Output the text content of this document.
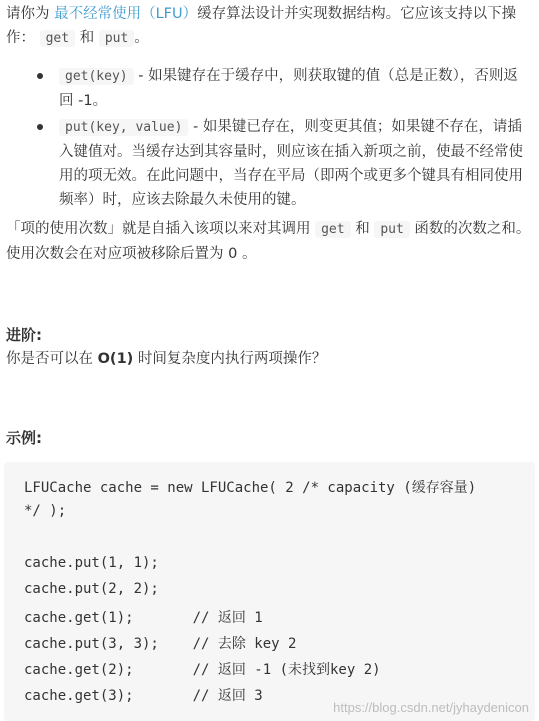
请你为 最不经常使用（LFU）缓存算法设计并实现数据结构。它应该支持以下操作： get 和 put 。
get(key) - 如果键存在于缓存中，则获取键的值（总是正数），否则返回 -1。
put(key, value) - 如果键已存在，则变更其值；如果键不存在，请插入键值对。当缓存达到其容量时，则应该在插入新项之前，使最不经常使用的项无效。在此问题中，当存在平局（即两个或更多个键具有相同使用频率）时，应该去除最久未使用的键。
「项的使用次数」就是自插入该项以来对其调用 get 和 put 函数的次数之和。使用次数会在对应项被移除后置为 0 。
进阶:
你是否可以在 O(1) 时间复杂度内执行两项操作？
示例:
LFUCache cache = new LFUCache( 2 /* capacity (缓存容量)
*/ );
cache.put(1, 1);
cache.put(2, 2);
cache.get(1);       // 返回 1
cache.put(3, 3);    // 去除 key 2
cache.get(2);       // 返回 -1 (未找到key 2)
cache.get(3);       // 返回 3
https://blog.csdn.net/jyhaydenicon
